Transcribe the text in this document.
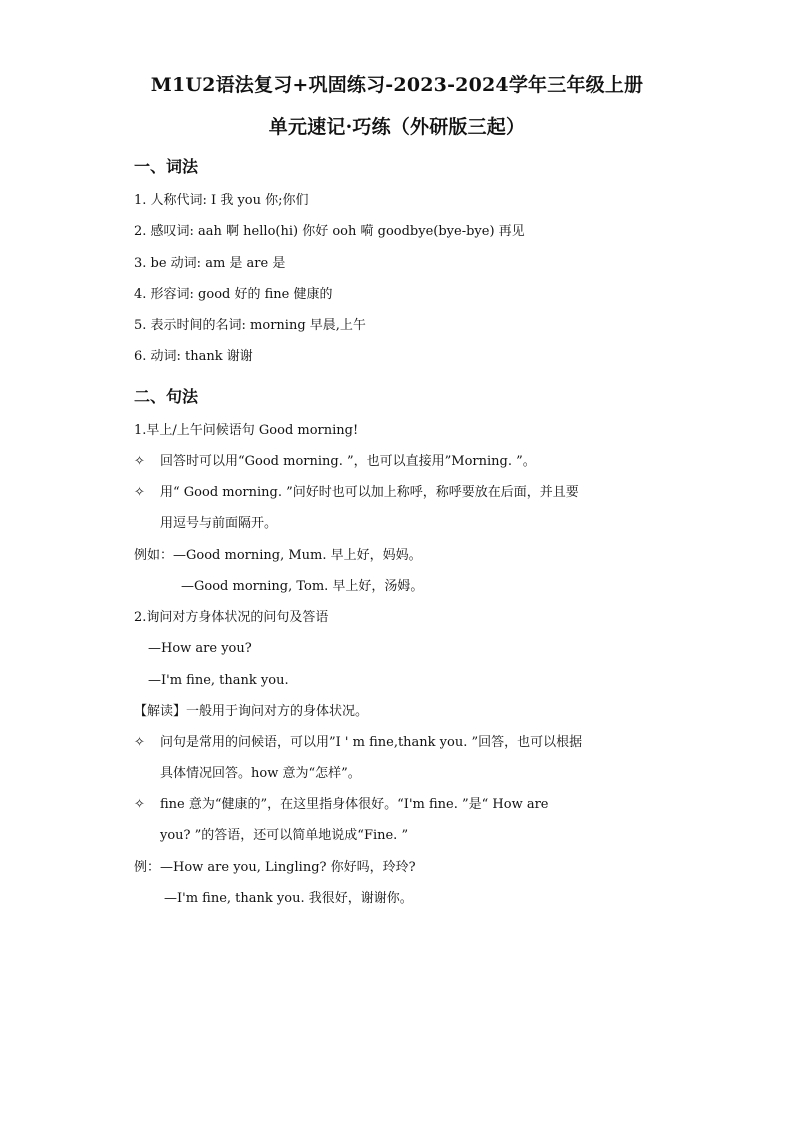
M1U2语法复习+巩固练习-2023-2024学年三年级上册
单元速记·巧练（外研版三起）
一、词法
1. 人称代词: I 我 you 你;你们
2. 感叹词: aah 啊 hello(hi) 你好 ooh 嗬 goodbye(bye-bye) 再见
3. be 动词: am 是 are 是
4. 形容词: good 好的 fine 健康的
5. 表示时间的名词: morning 早晨,上午
6. 动词: thank 谢谢
二、句法
1.早上/上午问候语句 Good morning!
✧ 回答时可以用“Good morning. ”，也可以直接用”Morning. ”。
✧ 用“ Good morning. ”问好时也可以加上称呼，称呼要放在后面，并且要
用逗号与前面隔开。
例如：—Good morning, Mum. 早上好，妈妈。
—Good morning, Tom. 早上好，汤姆。
2.询问对方身体状况的问句及答语
—How are you?
—I'm fine, thank you.
【解读】一般用于询问对方的身体状况。
✧ 问句是常用的问候语，可以用”I ' m fine,thank you. ”回答，也可以根据
具体情况回答。how 意为“怎样”。
✧ fine 意为“健康的”，在这里指身体很好。“I'm fine. ”是“ How are
you? ”的答语，还可以简单地说成“Fine. ”
例：—How are you, Lingling? 你好吗，玲玲?
—I'm fine, thank you. 我很好，谢谢你。
